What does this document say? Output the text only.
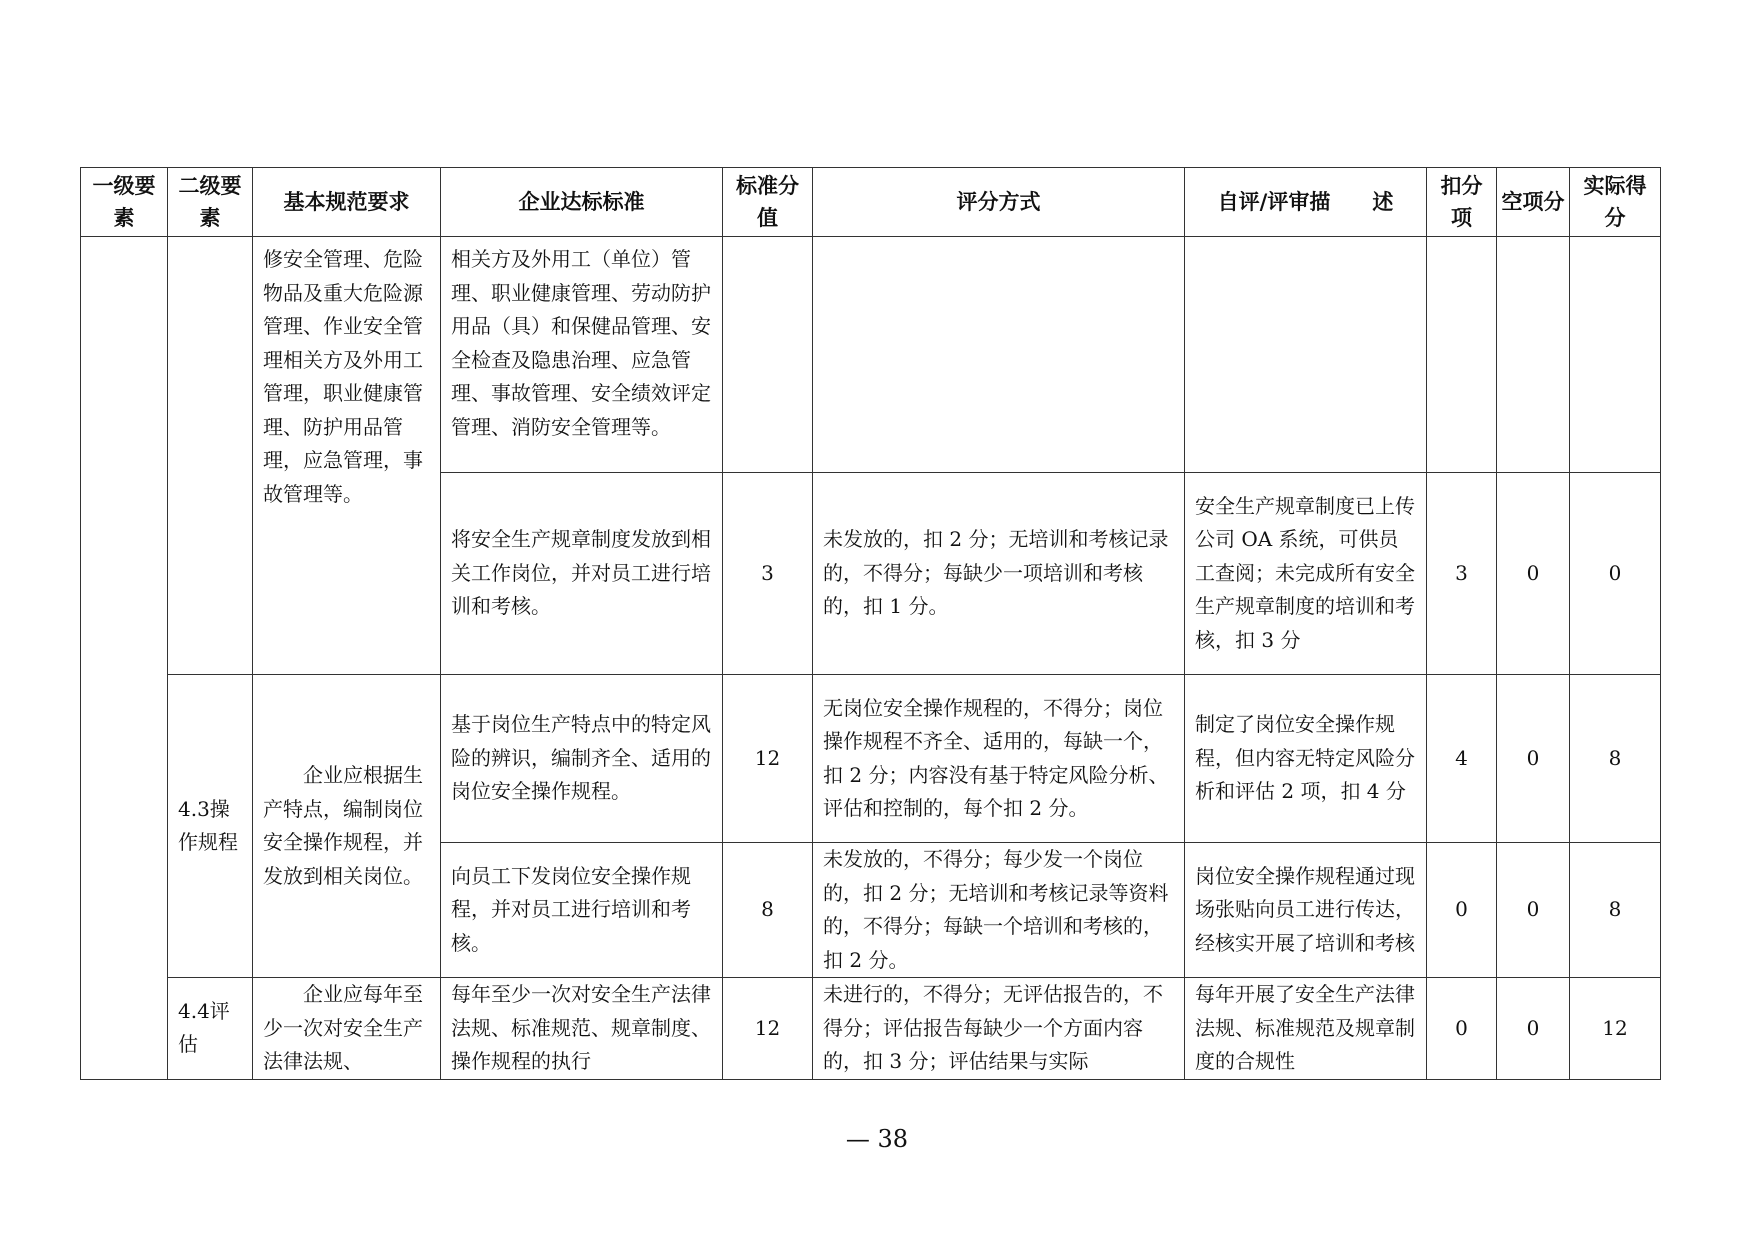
一级要素	二级要素	基本规范要求	企业达标标准	标准分值	评分方式	自评/评审描　　述	扣分项	空项分	实际得分
		修安全管理、危险物品及重大危险源管理、作业安全管理相关方及外用工管理，职业健康管理、防护用品管理，应急管理，事故管理等。	相关方及外用工（单位）管理、职业健康管理、劳动防护用品（具）和保健品管理、安全检查及隐患治理、应急管理、事故管理、安全绩效评定管理、消防安全管理等。						
			将安全生产规章制度发放到相关工作岗位，并对员工进行培训和考核。	3	未发放的，扣 2 分；无培训和考核记录的，不得分；每缺少一项培训和考核的，扣 1 分。	安全生产规章制度已上传公司 OA 系统，可供员工查阅；未完成所有安全生产规章制度的培训和考核，扣 3 分	3	0	0
	4.3操作规程	企业应根据生产特点，编制岗位安全操作规程，并发放到相关岗位。	基于岗位生产特点中的特定风险的辨识，编制齐全、适用的岗位安全操作规程。	12	无岗位安全操作规程的，不得分；岗位操作规程不齐全、适用的，每缺一个，扣 2 分；内容没有基于特定风险分析、评估和控制的，每个扣 2 分。	制定了岗位安全操作规程，但内容无特定风险分析和评估 2 项，扣 4 分	4	0	8
			向员工下发岗位安全操作规程，并对员工进行培训和考核。	8	未发放的，不得分；每少发一个岗位的，扣 2 分；无培训和考核记录等资料的，不得分；每缺一个培训和考核的，扣 2 分。	岗位安全操作规程通过现场张贴向员工进行传达，经核实开展了培训和考核	0	0	8
	4.4评估	企业应每年至少一次对安全生产法律法规、	每年至少一次对安全生产法律法规、标准规范、规章制度、操作规程的执行	12	未进行的，不得分；无评估报告的，不得分；评估报告每缺少一个方面内容的，扣 3 分；评估结果与实际	每年开展了安全生产法律法规、标准规范及规章制度的合规性	0	0	12
— 38
